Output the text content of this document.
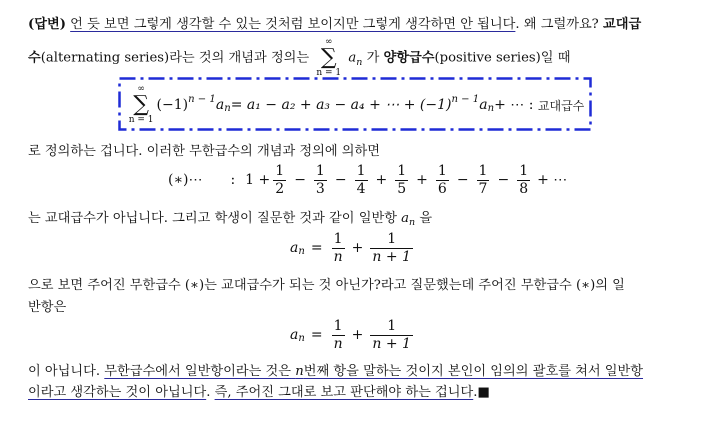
(답변) 언 듯 보면 그렇게 생각할 수 있는 것처럼 보이지만 그렇게 생각하면 안 됩니다. 왜 그럴까요? 교대급
수(alternating series)라는 것의 개념과 정의는
∞
∑
n = 1
$a_n$ 가 양항급수(positive series)일 때
∞
∑
n = 1
(−1) n − 1 a n = a₁ − a₂ + a₃ − a₄ + ⋯ + (−1) n − 1 a n + ⋯ :
교대급수
로 정의하는 겁니다. 이러한 무한급수의 개념과 정의에 의하면
(∗)⋯ : $1 + \frac{1}{2} - \frac{1}{3} - \frac{1}{4} + \frac{1}{5} + \frac{1}{6} - \frac{1}{7} - \frac{1}{8}$ + ⋯
는 교대급수가 아닙니다. 그리고 학생이 질문한 것과 같이 일반항 $a_n$ 을
a $n = \frac{1}{n} + \frac{1}{n + 1}$
으로 보면 주어진 무한급수 (∗)는 교대급수가 되는 것 아닌가?라고 질문했는데 주어진 무한급수 (∗)의 일
반항은
a $n = \frac{1}{n} + \frac{1}{n + 1}$
이 아닙니다. 무한급수에서 일반항이라는 것은 n번째 항을 말하는 것이지 본인이 임의의 괄호를 쳐서 일반항
이라고 생각하는 것이 아닙니다. 즉, 주어진 그대로 보고 판단해야 하는 겁니다.■
